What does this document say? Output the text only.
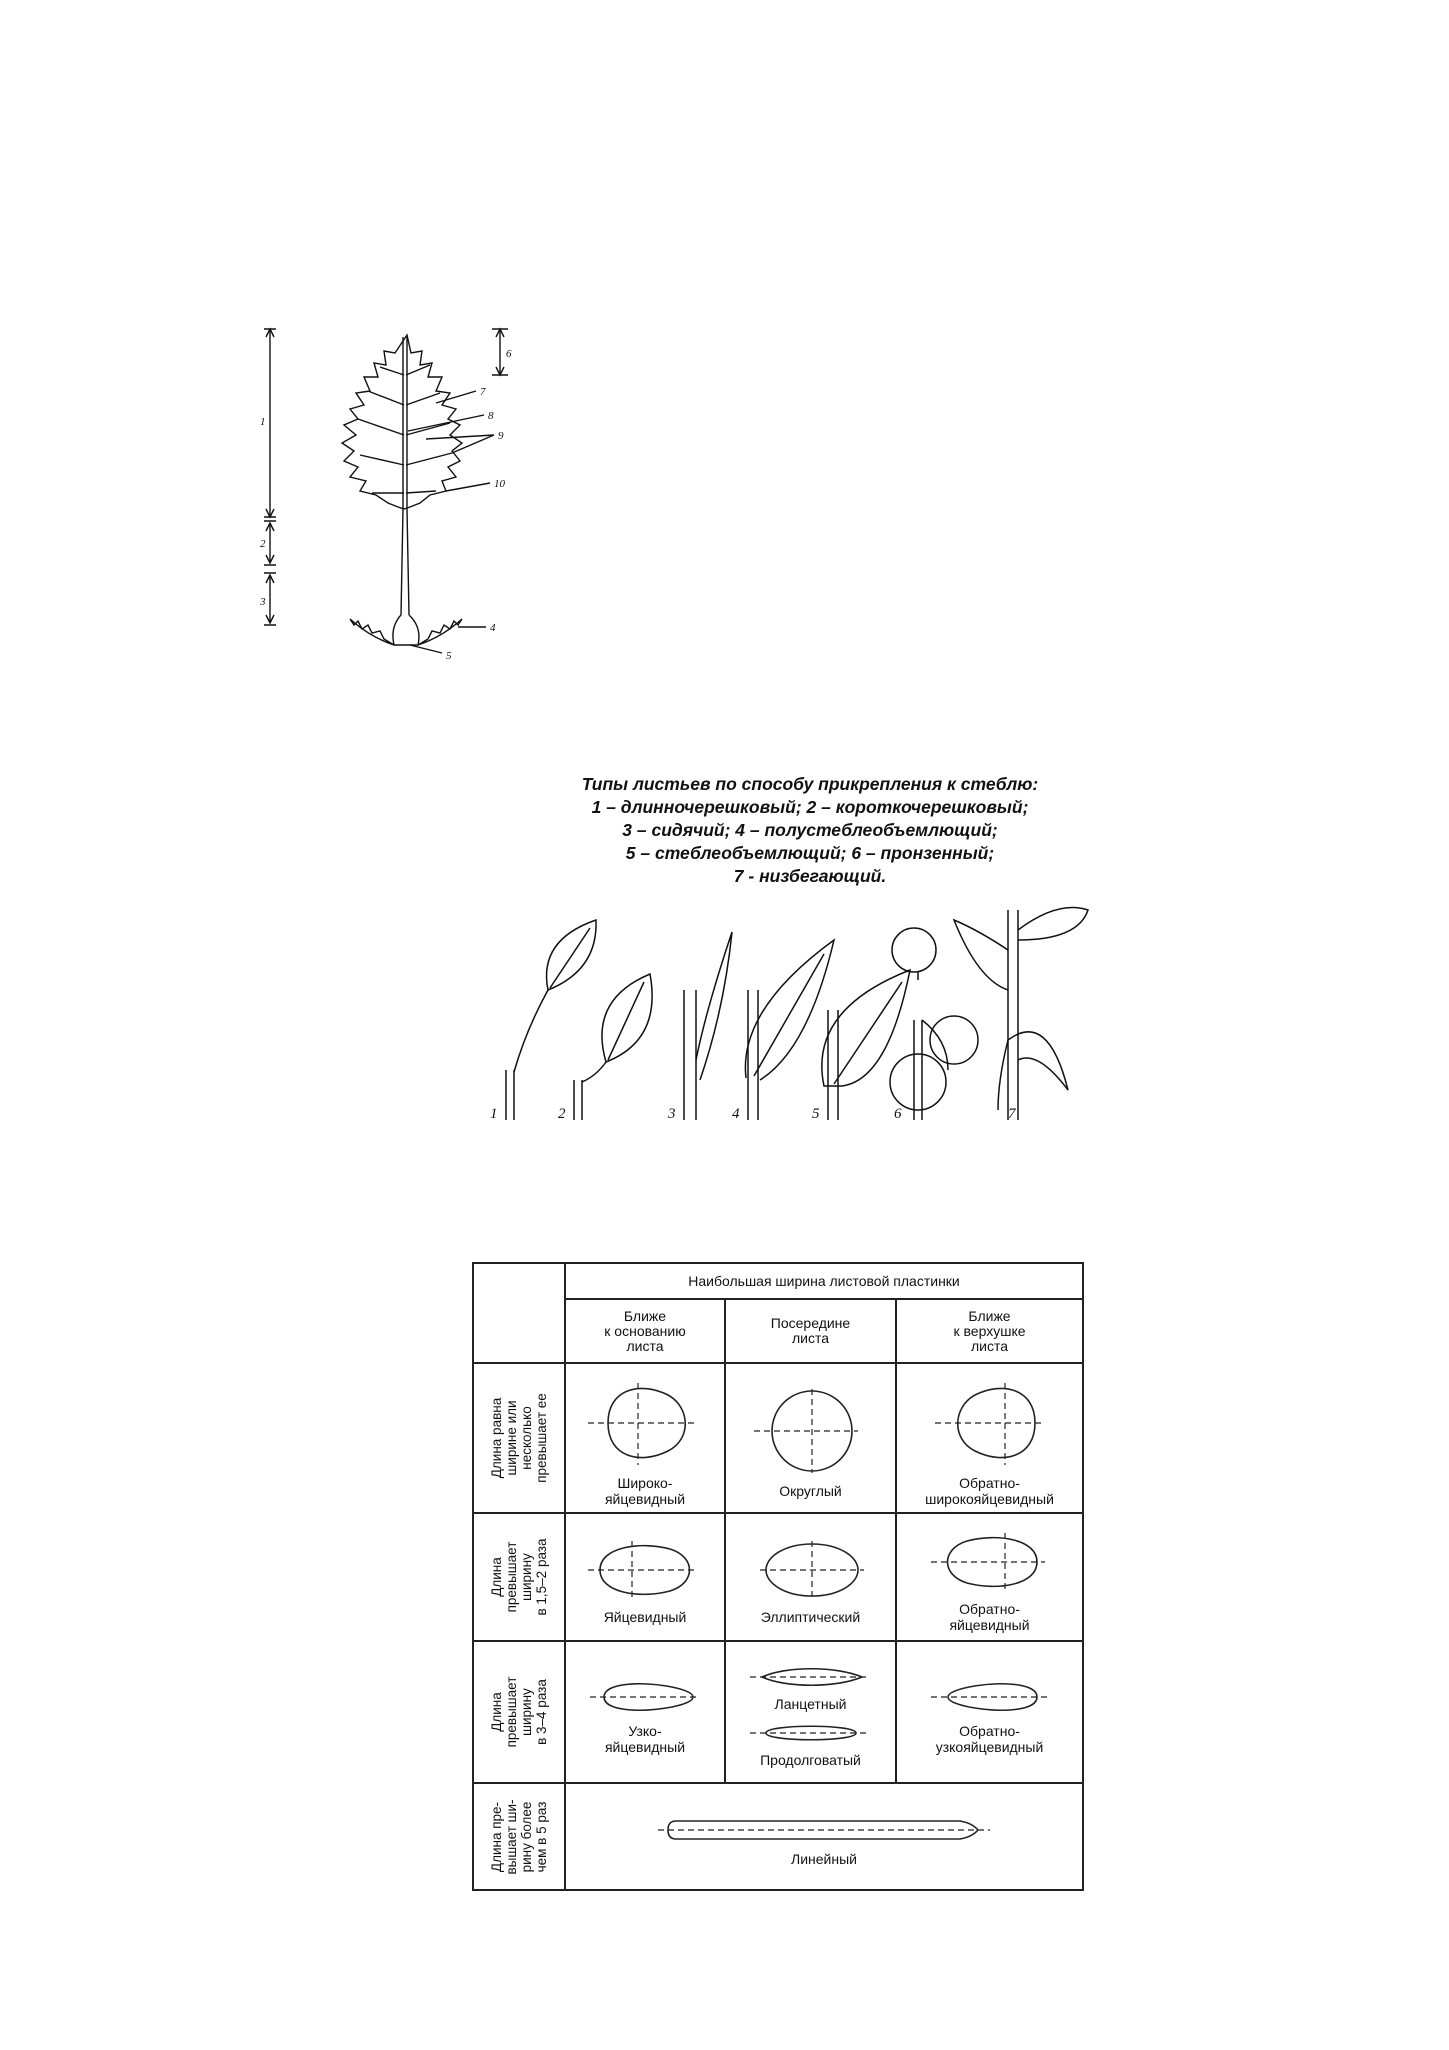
1
2
3
4
5
6
7
8
9
10
Типы листьев по способу прикрепления к стеблю:
1 – длинночерешковый; 2 – короткочерешковый;
3 – сидячий; 4 – полустеблеобъемлющий;
5 – стеблеобъемлющий; 6 – пронзенный;
7 - низбегающий.
1	2	3	4	5	6	7
	Наибольшая ширина листовой пластинки		
	Ближе
к основанию
листа	Посередине
листа	Ближе
к верхушке
листа

Длина равна
ширине или
несколько
превышает ее	Широко-
яйцевидный	Округлый	Обратно-
широкояйцевидный

Длина
превышает
ширину
в 1,5–2 раза	Яйцевидный	Эллиптический	Обратно-
яйцевидный

Длина
превышает
ширину
в 3–4 раза	Узко-
яйцевидный	Ланцетный
Продолговатый	Обратно-
узкояйцевидный

Длина пре-
вышает ши-
рину более
чем в 5 раз	Линейный		
